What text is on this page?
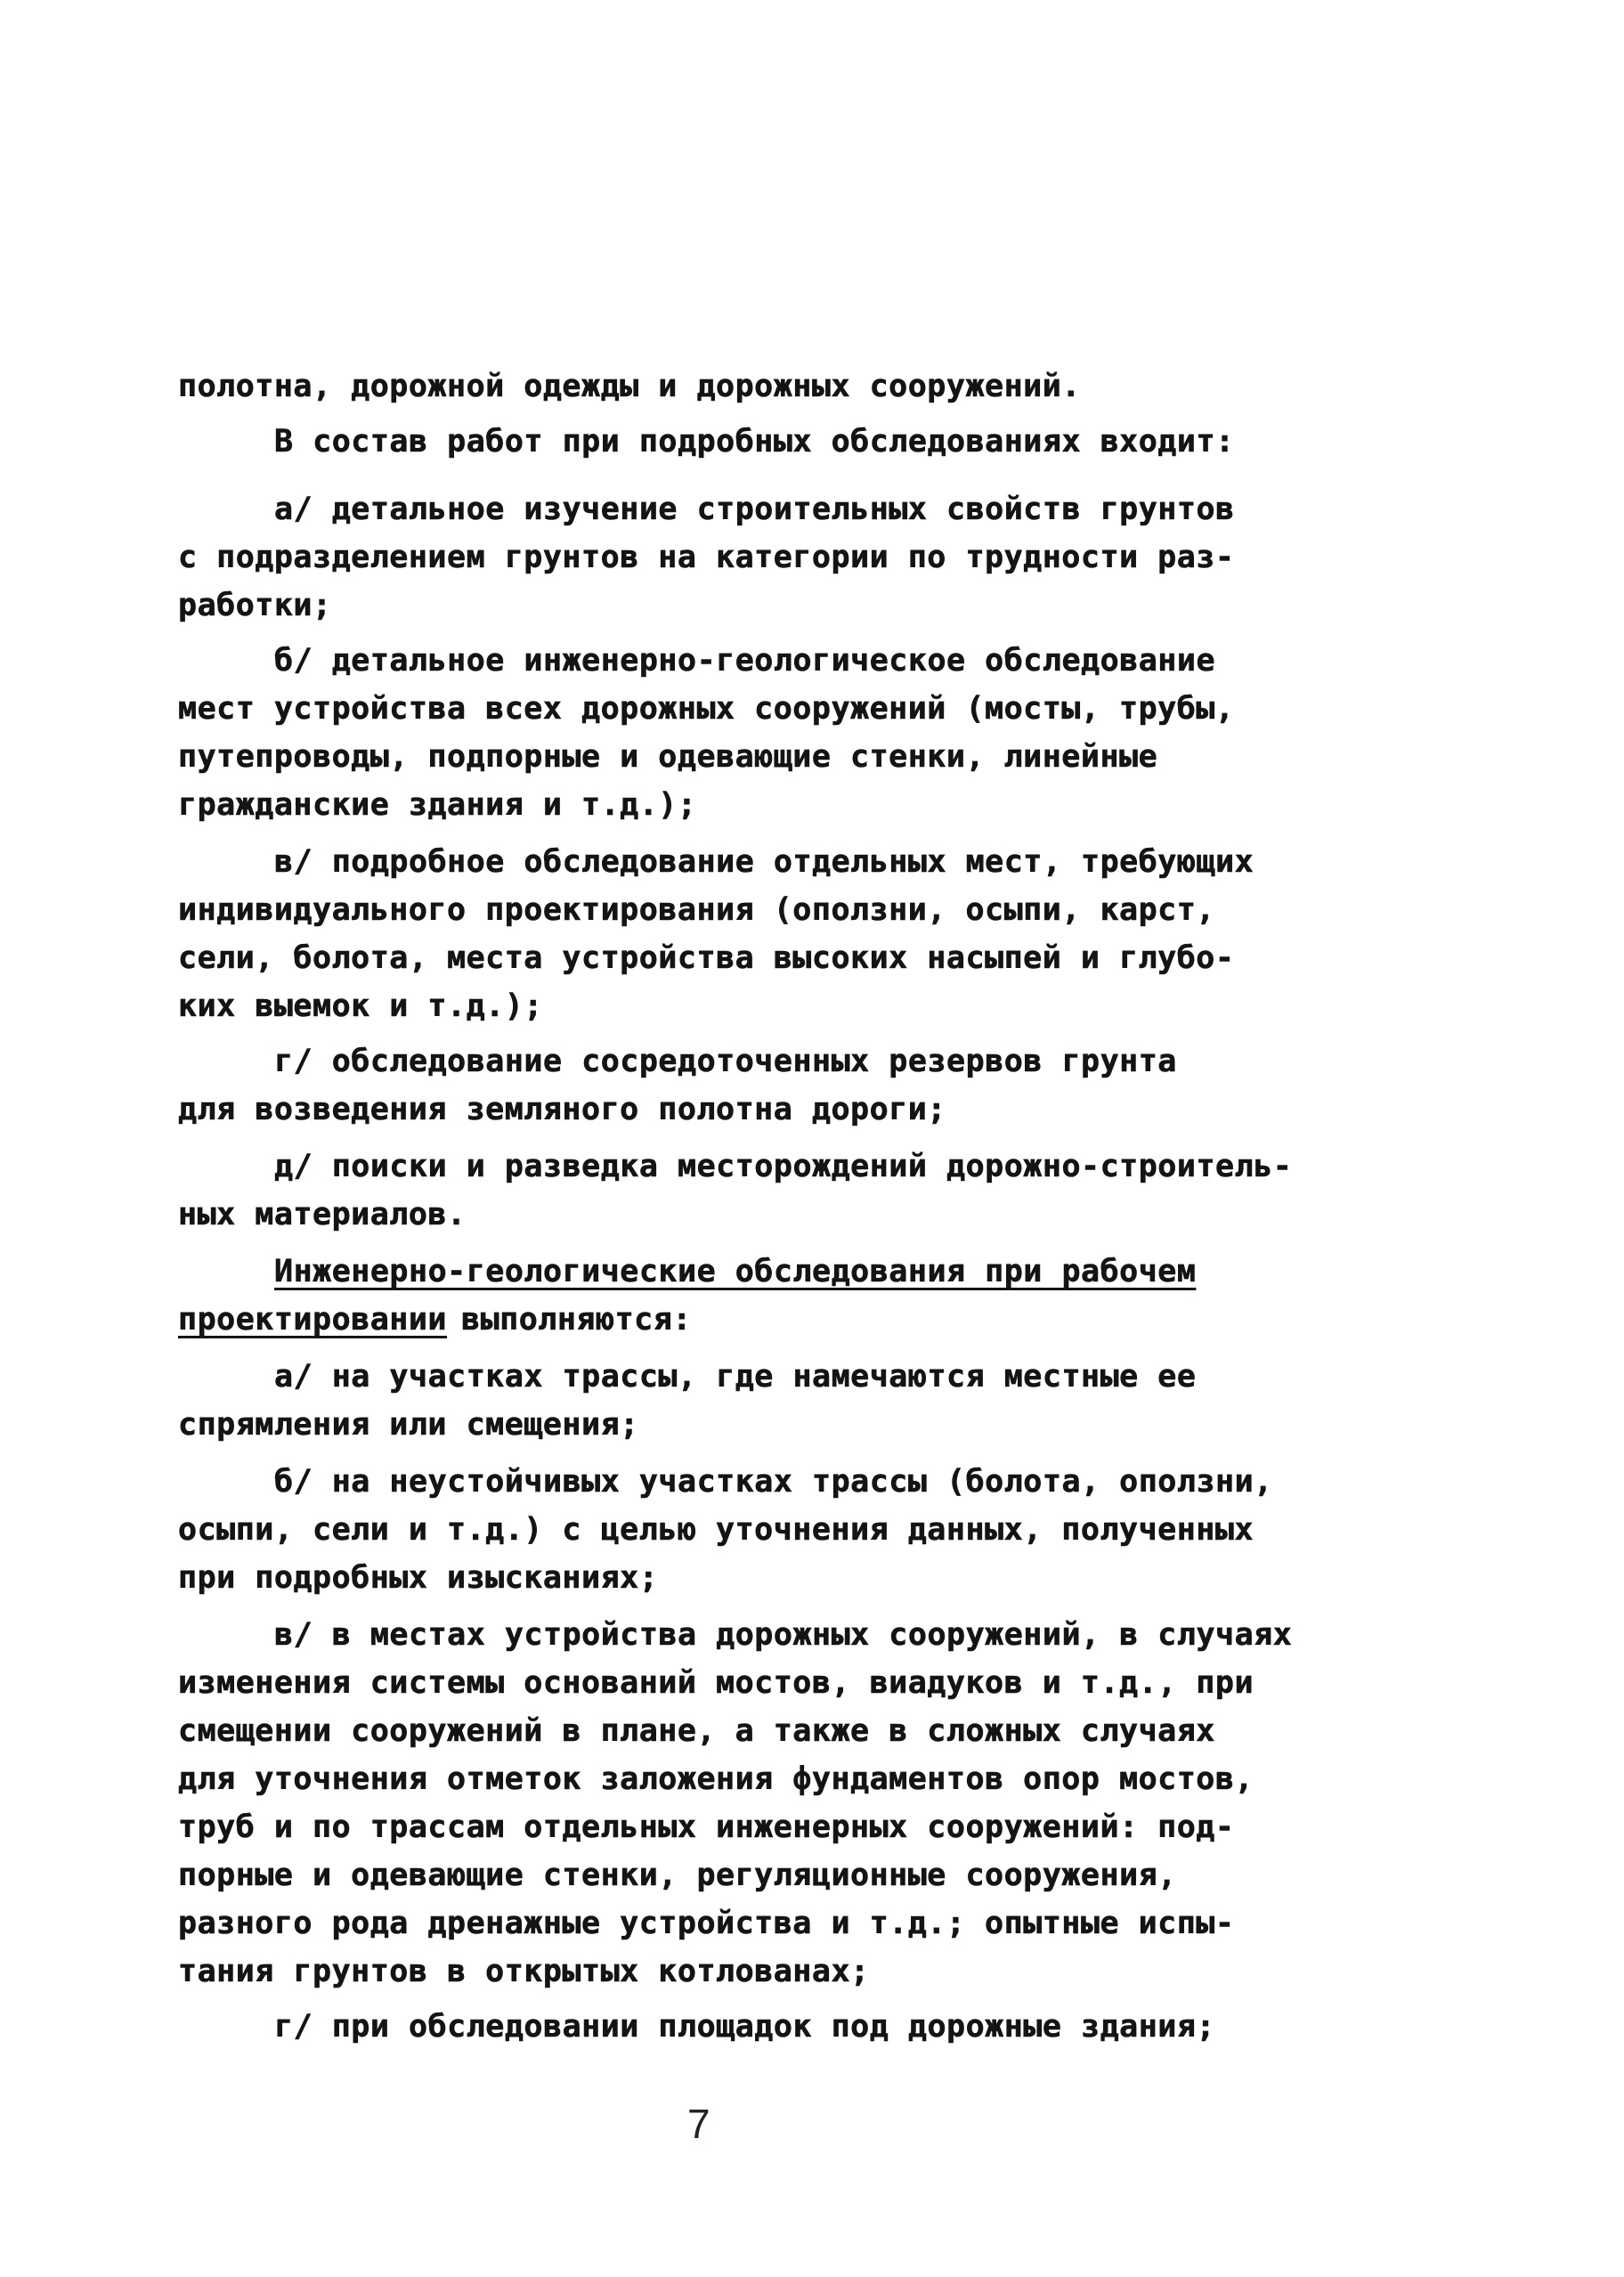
полотна, дорожной одежды и дорожных сооружений.
В состав работ при подробных обследованиях входит:
а/ детальное изучение строительных свойств грунтов
с подразделением грунтов на категории по трудности раз-
работки;
б/ детальное инженерно-геологическое обследование
мест устройства всех дорожных сооружений (мосты, трубы,
путепроводы, подпорные и одевающие стенки, линейные
гражданские здания и т.д.);
в/ подробное обследование отдельных мест, требующих
индивидуального проектирования (оползни, осыпи, карст,
сели, болота, места устройства высоких насыпей и глубо-
ких выемок и т.д.);
г/ обследование сосредоточенных резервов грунта
для возведения земляного полотна дороги;
д/ поиски и разведка месторождений дорожно-строитель-
ных материалов.
Инженерно-геологические обследования при рабочем
проектировании выполняются:
а/ на участках трассы, где намечаются местные ее
спрямления или смещения;
б/ на неустойчивых участках трассы (болота, оползни,
осыпи, сели и т.д.) с целью уточнения данных, полученных
при подробных изысканиях;
в/ в местах устройства дорожных сооружений, в случаях
изменения системы оснований мостов, виадуков и т.д., при
смещении сооружений в плане, а также в сложных случаях
для уточнения отметок заложения фундаментов опор мостов,
труб и по трассам отдельных инженерных сооружений: под-
порные и одевающие стенки, регуляционные сооружения,
разного рода дренажные устройства и т.д.; опытные испы-
тания грунтов в открытых котлованах;
г/ при обследовании площадок под дорожные здания;
7
